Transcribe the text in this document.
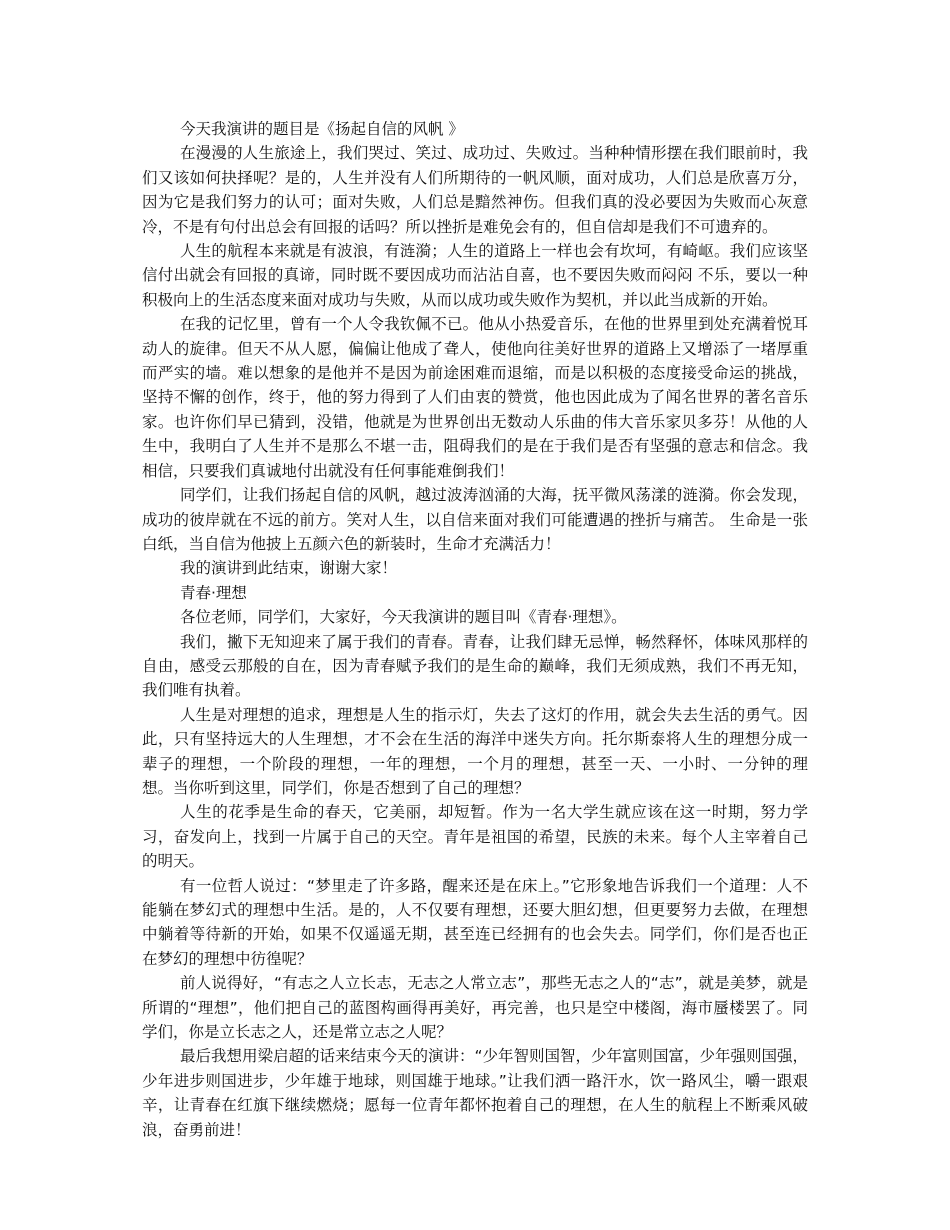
今天我演讲的题目是《扬起自信的风帆 》

在漫漫的人生旅途上，我们哭过、笑过、成功过、失败过。当种种情形摆在我们眼前时，我们又该如何抉择呢？是的，人生并没有人们所期待的一帆风顺，面对成功，人们总是欣喜万分，因为它是我们努力的认可；面对失败，人们总是黯然神伤。但我们真的没必要因为失败而心灰意冷，不是有句付出总会有回报的话吗？所以挫折是难免会有的，但自信却是我们不可遗弃的。

人生的航程本来就是有波浪，有涟漪；人生的道路上一样也会有坎坷，有崎岖。我们应该坚信付出就会有回报的真谛，同时既不要因成功而沾沾自喜，也不要因失败而闷闷 不乐，要以一种积极向上的生活态度来面对成功与失败，从而以成功或失败作为契机，并以此当成新的开始。

在我的记忆里，曾有一个人令我钦佩不已。他从小热爱音乐，在他的世界里到处充满着悦耳动人的旋律。但天不从人愿，偏偏让他成了聋人，使他向往美好世界的道路上又增添了一堵厚重而严实的墙。难以想象的是他并不是因为前途困难而退缩，而是以积极的态度接受命运的挑战，坚持不懈的创作，终于，他的努力得到了人们由衷的赞赏，他也因此成为了闻名世界的著名音乐家。也许你们早已猜到，没错，他就是为世界创出无数动人乐曲的伟大音乐家贝多芬！从他的人生中，我明白了人生并不是那么不堪一击，阻碍我们的是在于我们是否有坚强的意志和信念。我相信，只要我们真诚地付出就没有任何事能难倒我们！

同学们，让我们扬起自信的风帆，越过波涛汹涌的大海，抚平微风荡漾的涟漪。你会发现，成功的彼岸就在不远的前方。笑对人生，以自信来面对我们可能遭遇的挫折与痛苦。 生命是一张白纸，当自信为他披上五颜六色的新装时，生命才充满活力！

我的演讲到此结束，谢谢大家！

青春·理想

各位老师，同学们，大家好，今天我演讲的题目叫《青春·理想》。

我们，撇下无知迎来了属于我们的青春。青春，让我们肆无忌惮，畅然释怀，体味风那样的自由，感受云那般的自在，因为青春赋予我们的是生命的巅峰，我们无须成熟，我们不再无知，我们唯有执着。

人生是对理想的追求，理想是人生的指示灯，失去了这灯的作用，就会失去生活的勇气。因此，只有坚持远大的人生理想，才不会在生活的海洋中迷失方向。托尔斯泰将人生的理想分成一辈子的理想，一个阶段的理想，一年的理想，一个月的理想，甚至一天、一小时、一分钟的理想。当你听到这里，同学们，你是否想到了自己的理想？

人生的花季是生命的春天，它美丽，却短暂。作为一名大学生就应该在这一时期，努力学习，奋发向上，找到一片属于自己的天空。青年是祖国的希望，民族的未来。每个人主宰着自己的明天。

有一位哲人说过：“梦里走了许多路，醒来还是在床上。”它形象地告诉我们一个道理：人不能躺在梦幻式的理想中生活。是的，人不仅要有理想，还要大胆幻想，但更要努力去做，在理想中躺着等待新的开始，如果不仅遥遥无期，甚至连已经拥有的也会失去。同学们，你们是否也正在梦幻的理想中彷徨呢？

前人说得好，“有志之人立长志，无志之人常立志”，那些无志之人的“志”，就是美梦，就是所谓的“理想”，他们把自己的蓝图构画得再美好，再完善，也只是空中楼阁，海市蜃楼罢了。同学们，你是立长志之人，还是常立志之人呢？

最后我想用梁启超的话来结束今天的演讲：“少年智则国智，少年富则国富，少年强则国强，少年进步则国进步，少年雄于地球，则国雄于地球。”让我们洒一路汗水，饮一路风尘，嚼一跟艰辛，让青春在红旗下继续燃烧；愿每一位青年都怀抱着自己的理想，在人生的航程上不断乘风破浪，奋勇前进！
